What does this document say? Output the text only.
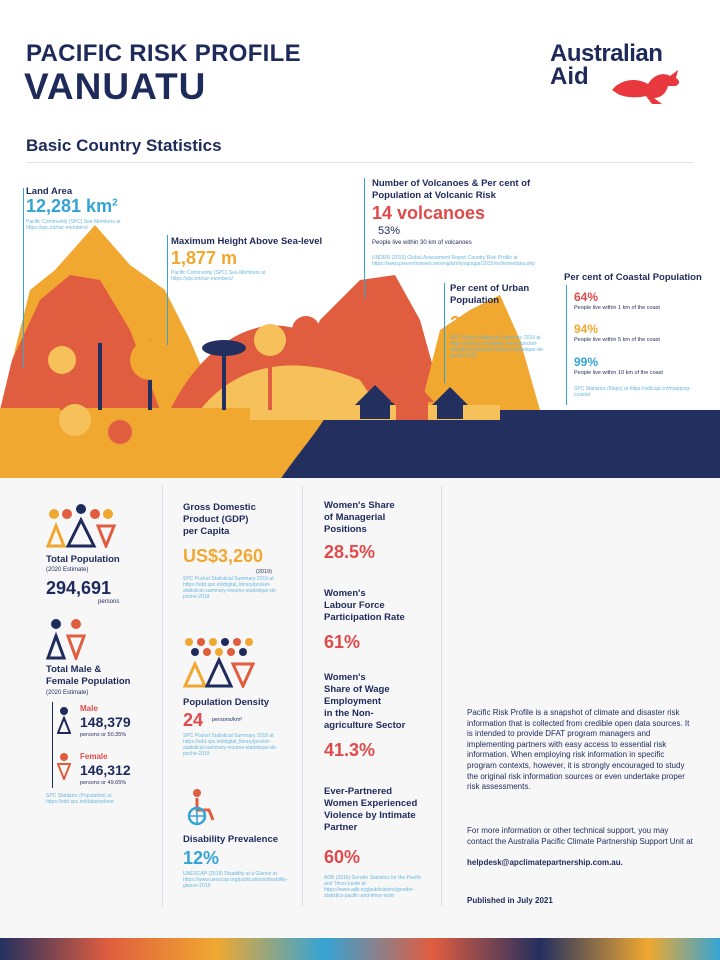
PACIFIC RISK PROFILE
VANUATU
Australian
Aid
Basic Country Statistics
Land Area
12,281 $km^2$
Pacific Community (SPC) Sea Members at https://spc.int/our-members/
Maximum Height Above Sea-level
1,877 m
Pacific Community (SPC) Sea Members at https://spc.int/our-members/
Number of Volcanoes & Per cent of
Population at Volcanic Risk
14 volcanoes
53%
People live within 30 km of volcanoes
UNDRR (2015) Global Assessment Report Country Risk Profile at https://www.preventionweb.net/english/hyogo/gar/2015/en/home/data.php
Per cent of Urban
Population
24%
SPC Pocket Statistical Summary 2019 at https://sdd.spc.int/digital_library/pocket-statistical-summary-resume-statistique-de-poche-2019
Per cent of Coastal Population
64%
People live within 1 km of the coast
94%
People live within 5 km of the coast
99%
People live within 10 km of the coast
SPC Statistics (Maps) at https://sdd.spc.int/mapping-coastal
Total Population
(2020 Estimate)
294,691
persons
Total Male &
Female Population
(2020 Estimate)
Male
148,379
persons or 50.35%
Female
146,312
persons or 49.65%
SPC Statistics (Population) at https://sdd.spc.int/dataexplorer
Gross Domestic
Product (GDP)
per Capita
US$3,260
(2019)
SPC Pocket Statistical Summary 2019 at https://sdd.spc.int/digital_library/pocket-statistical-summary-resume-statistique-de-poche-2019
Population Density
24 persons/km²
SPC Pocket Statistical Summary 2019 at https://sdd.spc.int/digital_library/pocket-statistical-summary-resume-statistique-de-poche-2019
Disability Prevalence
12%
UNESCAP (2019) Disability at a Glance at https://www.unescap.org/publications/disability-glance-2019
Women's Share
of Managerial
Positions
28.5%
Women's
Labour Force
Participation Rate
61%
Women's
Share of Wage
Employment
in the Non-
agriculture Sector
41.3%
Ever-Partnered
Women Experienced
Violence by Intimate
Partner
60%
ADB (2016) Gender Statistics for the Pacific and Timor-Leste at https://www.adb.org/publications/gender-statistics-pacific-and-timor-leste
Pacific Risk Profile is a snapshot of climate and disaster risk information that is collected from credible open data sources. It is intended to provide DFAT program managers and implementing partners with easy access to essential risk information. When employing risk information in specific program contexts, however, it is strongly encouraged to study the original risk information sources or even undertake proper risk assessments.
For more information or other technical support, you may contact the Australia Pacific Climate Partnership Support Unit at
helpdesk@apclimatepartnership.com.au.
Published in July 2021
